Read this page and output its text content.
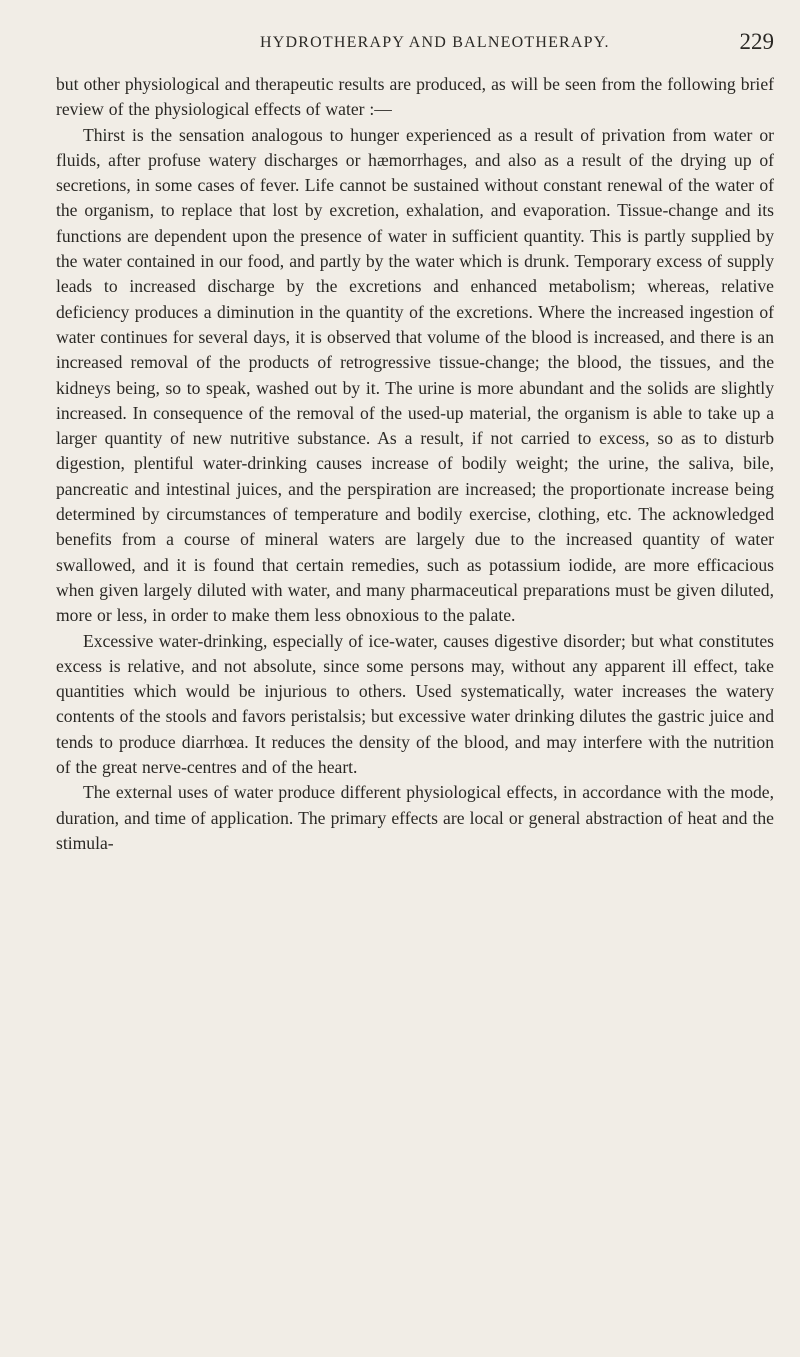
HYDROTHERAPY AND BALNEOTHERAPY.	229

but other physiological and therapeutic results are produced, as will be seen from the following brief review of the physiological effects of water :—

Thirst is the sensation analogous to hunger experienced as a result of privation from water or fluids, after profuse watery discharges or hæmorrhages, and also as a result of the drying up of secretions, in some cases of fever. Life cannot be sustained without constant renewal of the water of the organism, to replace that lost by excretion, exhalation, and evaporation. Tissue-change and its functions are dependent upon the presence of water in sufficient quantity. This is partly supplied by the water contained in our food, and partly by the water which is drunk. Temporary excess of supply leads to increased discharge by the excretions and enhanced metabolism; whereas, relative deficiency produces a diminution in the quantity of the excretions. Where the increased ingestion of water continues for several days, it is observed that volume of the blood is increased, and there is an increased removal of the products of retrogressive tissue-change; the blood, the tissues, and the kidneys being, so to speak, washed out by it. The urine is more abundant and the solids are slightly increased. In consequence of the removal of the used-up material, the organism is able to take up a larger quantity of new nutritive substance. As a result, if not carried to excess, so as to disturb digestion, plentiful water-drinking causes increase of bodily weight; the urine, the saliva, bile, pancreatic and intestinal juices, and the perspiration are increased; the proportionate increase being determined by circumstances of temperature and bodily exercise, clothing, etc. The acknowledged benefits from a course of mineral waters are largely due to the increased quantity of water swallowed, and it is found that certain remedies, such as potassium iodide, are more efficacious when given largely diluted with water, and many pharmaceutical preparations must be given diluted, more or less, in order to make them less obnoxious to the palate.

Excessive water-drinking, especially of ice-water, causes digestive disorder; but what constitutes excess is relative, and not absolute, since some persons may, without any apparent ill effect, take quantities which would be injurious to others. Used systematically, water increases the watery contents of the stools and favors peristalsis; but excessive water drinking dilutes the gastric juice and tends to produce diarrhœa. It reduces the density of the blood, and may interfere with the nutrition of the great nerve-centres and of the heart.

The external uses of water produce different physiological effects, in accordance with the mode, duration, and time of application. The primary effects are local or general abstraction of heat and the stimula-
